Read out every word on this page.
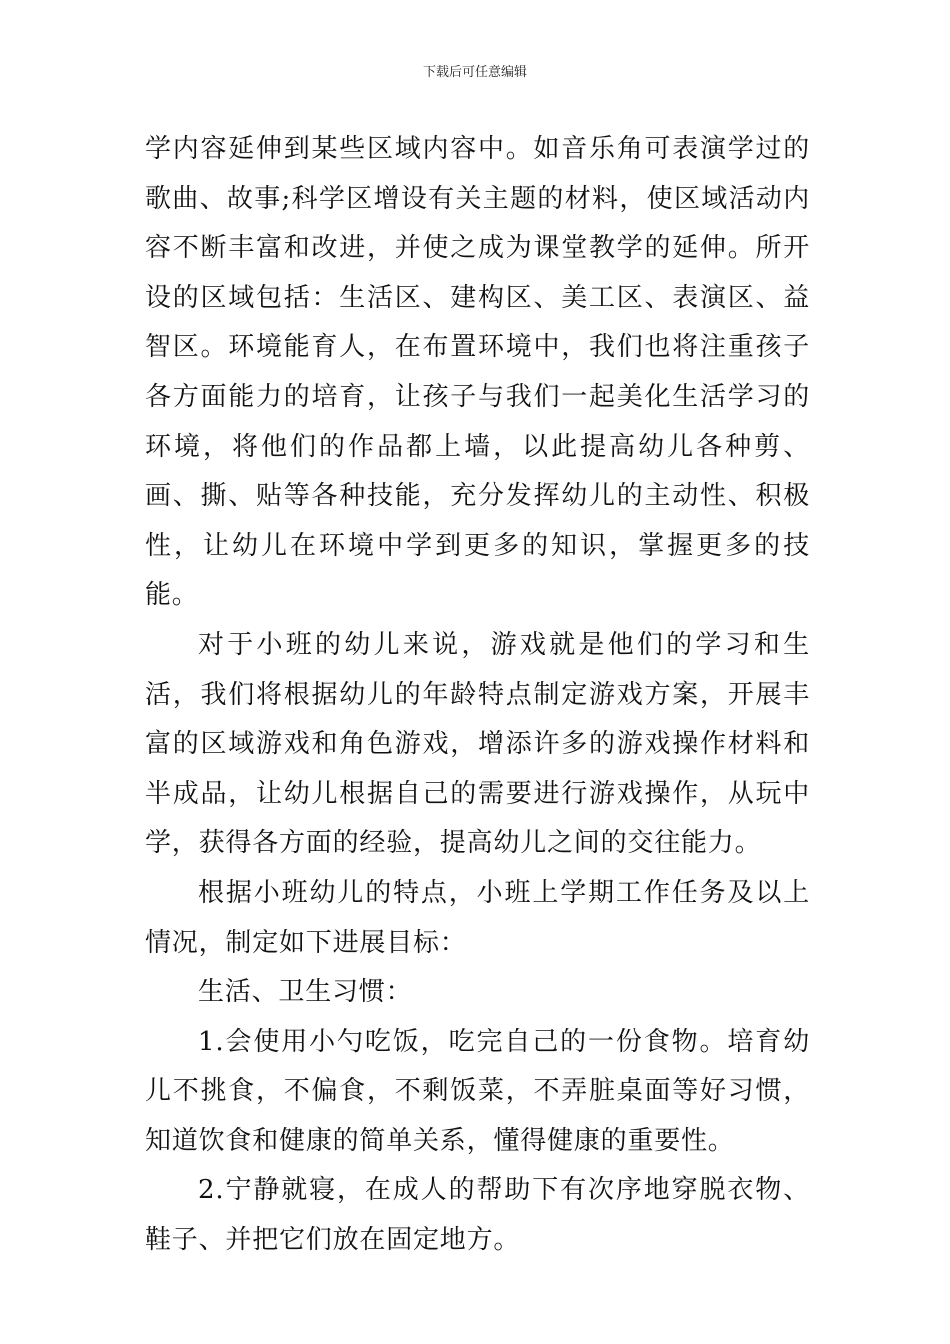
下载后可任意编辑

学内容延伸到某些区域内容中。如音乐角可表演学过的歌曲、故事;科学区增设有关主题的材料，使区域活动内容不断丰富和改进，并使之成为课堂教学的延伸。所开设的区域包括：生活区、建构区、美工区、表演区、益智区。环境能育人，在布置环境中，我们也将注重孩子各方面能力的培育，让孩子与我们一起美化生活学习的环境，将他们的作品都上墙，以此提高幼儿各种剪、画、撕、贴等各种技能，充分发挥幼儿的主动性、积极性，让幼儿在环境中学到更多的知识，掌握更多的技能。

对于小班的幼儿来说，游戏就是他们的学习和生活，我们将根据幼儿的年龄特点制定游戏方案，开展丰富的区域游戏和角色游戏，增添许多的游戏操作材料和半成品，让幼儿根据自己的需要进行游戏操作，从玩中学，获得各方面的经验，提高幼儿之间的交往能力。

根据小班幼儿的特点，小班上学期工作任务及以上情况，制定如下进展目标：

生活、卫生习惯：

1.会使用小勺吃饭，吃完自己的一份食物。培育幼儿不挑食，不偏食，不剩饭菜，不弄脏桌面等好习惯，知道饮食和健康的简单关系，懂得健康的重要性。

2.宁静就寝，在成人的帮助下有次序地穿脱衣物、鞋子、并把它们放在固定地方。
